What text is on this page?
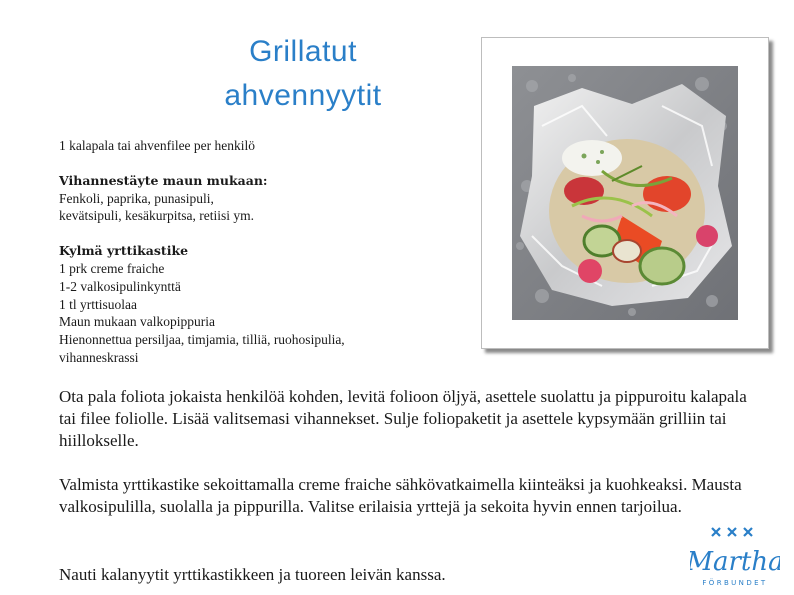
Grillatut
ahvennyytit
1 kalapala tai ahvenfilee per henkilö
Vihannestäyte maun mukaan:
Fenkoli, paprika, punasipuli,
kevätsipuli, kesäkurpitsa, retiisi ym.
Kylmä yrttikastike
1 prk creme fraiche
1-2 valkosipulinkynttä
1 tl yrttisuolaa
Maun mukaan valkopippuria
Hienonnettua persiljaa, timjamia, tilliä, ruohosipulia,
vihanneskrassi
Ota pala foliota jokaista henkilöä kohden, levitä folioon öljyä, asettele suolattu ja pippuroitu kalapala tai filee foliolle. Lisää valitsemasi vihannekset. Sulje foliopaketit ja asettele kypsymään grilliin tai hiillokselle.
Valmista yrttikastike sekoittamalla creme fraiche sähkövatkaimella kiinteäksi ja kuohkeaksi. Mausta valkosipulilla, suolalla ja pippurilla. Valitse erilaisia yrttejä ja sekoita hyvin ennen tarjoilua.
Nauti kalanyytit yrttikastikkeen ja tuoreen leivän kanssa.	Martha
FÖRBUNDET
